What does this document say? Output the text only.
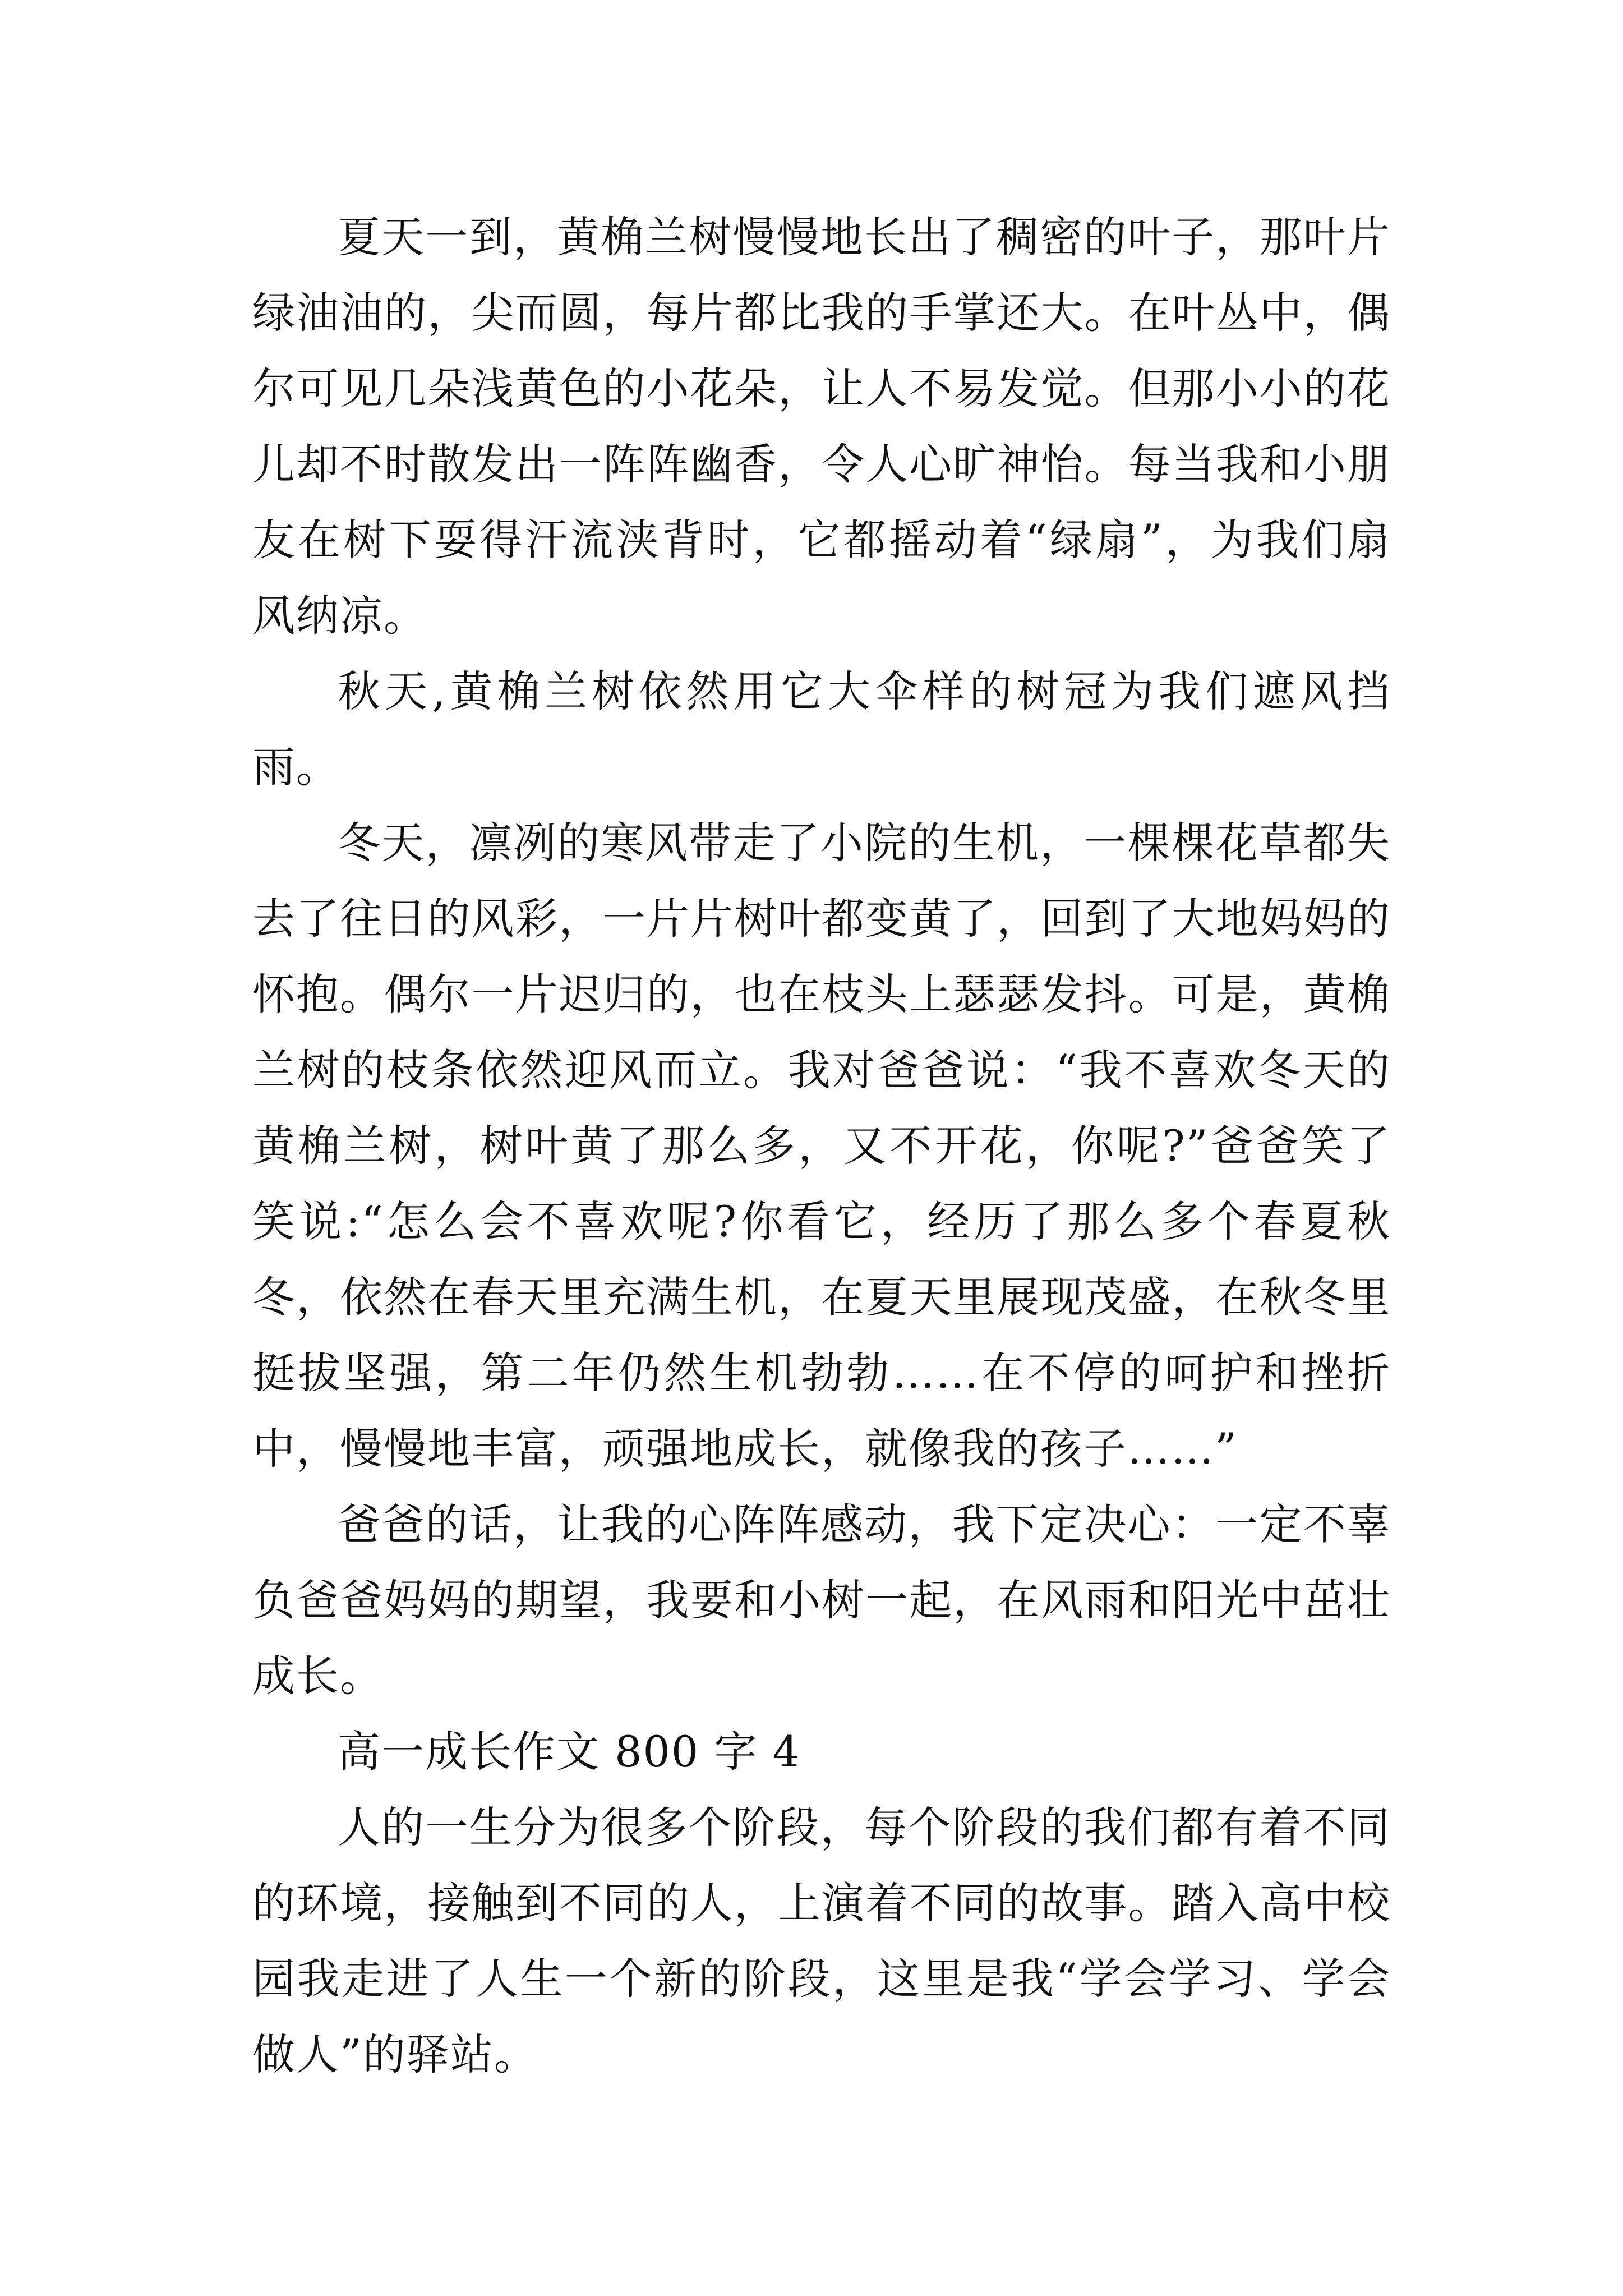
夏天一到，黄桷兰树慢慢地长出了稠密的叶子，那叶片绿油油的，尖而圆，每片都比我的手掌还大。在叶丛中，偶尔可见几朵浅黄色的小花朵，让人不易发觉。但那小小的花儿却不时散发出一阵阵幽香，令人心旷神怡。每当我和小朋友在树下耍得汗流浃背时，它都摇动着“绿扇”，为我们扇风纳凉。

秋天,黄桷兰树依然用它大伞样的树冠为我们遮风挡雨。

冬天，凛冽的寒风带走了小院的生机，一棵棵花草都失去了往日的风彩，一片片树叶都变黄了，回到了大地妈妈的怀抱。偶尔一片迟归的，也在枝头上瑟瑟发抖。可是，黄桷兰树的枝条依然迎风而立。我对爸爸说：“我不喜欢冬天的黄桷兰树，树叶黄了那么多，又不开花，你呢?”爸爸笑了笑说:“怎么会不喜欢呢?你看它，经历了那么多个春夏秋冬，依然在春天里充满生机，在夏天里展现茂盛，在秋冬里挺拔坚强，第二年仍然生机勃勃……在不停的呵护和挫折中，慢慢地丰富，顽强地成长，就像我的孩子……”

爸爸的话，让我的心阵阵感动，我下定决心：一定不辜负爸爸妈妈的期望，我要和小树一起，在风雨和阳光中茁壮成长。

高一成长作文 800 字 4

人的一生分为很多个阶段，每个阶段的我们都有着不同的环境，接触到不同的人，上演着不同的故事。踏入高中校园我走进了人生一个新的阶段，这里是我“学会学习、学会做人”的驿站。
